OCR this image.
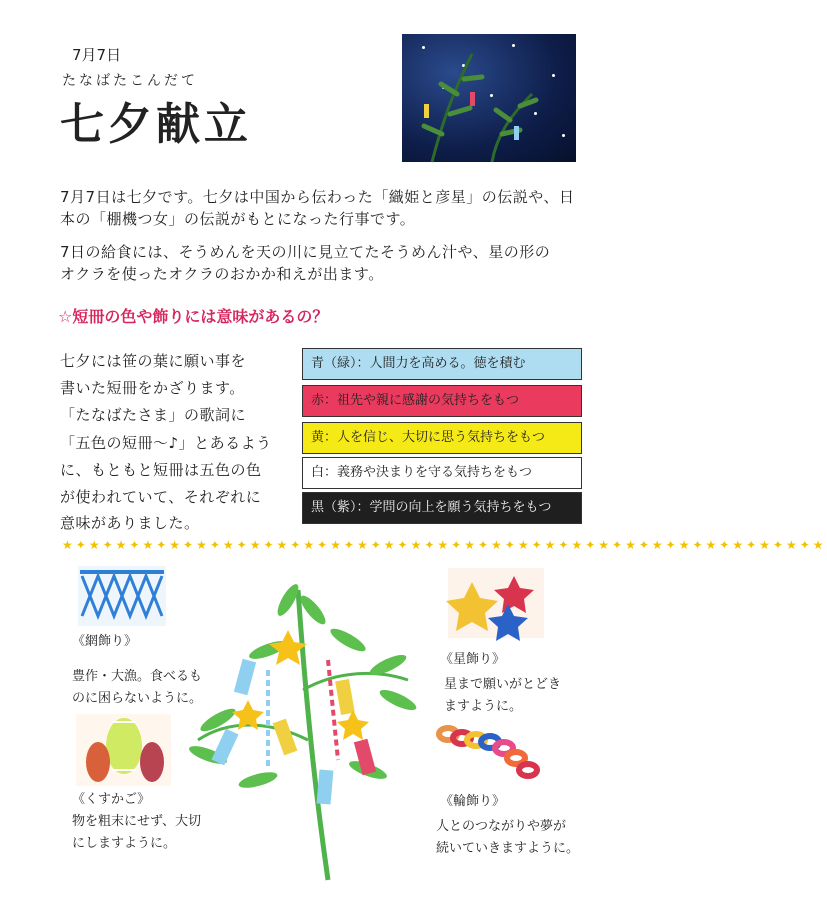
7月7日
たなばたこんだて
七夕献立
7月7日は七夕です。七夕は中国から伝わった「織姫と彦星」の伝説や、日
本の「棚機つ女」の伝説がもとになった行事です。
7日の給食には、そうめんを天の川に見立てたそうめん汁や、星の形の
オクラを使ったオクラのおかか和えが出ます。
☆短冊の色や飾りには意味があるの？
七夕には笹の葉に願い事を
書いた短冊をかざります。
「たなばたさま」の歌詞に
「五色の短冊～♪」とあるよう
に、もともと短冊は五色の色
が使われていて、それぞれに
意味がありました。
青（緑）：人間力を高める。徳を積む
赤：祖先や親に感謝の気持ちをもつ
黄：人を信じ、大切に思う気持ちをもつ
白：義務や決まりを守る気持ちをもつ
黒（紫）：学問の向上を願う気持ちをもつ
★✦★✦★✦★✦★✦★✦★✦★✦★✦★✦★✦★✦★✦★✦★✦★✦★✦★✦★✦★✦★✦★✦★✦★✦★✦★✦★✦★✦★
《網飾り》
豊作・大漁。食べるも
のに困らないように。
《くすかご》
物を粗末にせず、大切
にしますように。
《星飾り》
星まで願いがとどき
ますように。
《輪飾り》
人とのつながりや夢が
続いていきますように。
